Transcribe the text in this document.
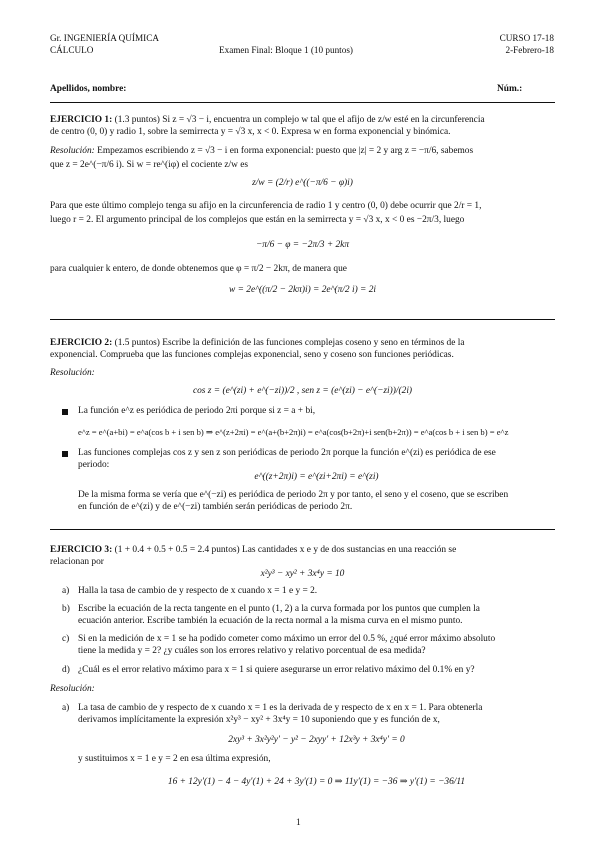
Gr. INGENIERÍA QUÍMICA
CÁLCULO	Examen Final: Bloque 1 (10 puntos)
CURSO 17-18
2-Febrero-18
Apellidos, nombre:	Núm.:
EJERCICIO 1: (1.3 puntos) Si z = √3 − i, encuentra un complejo w tal que el afijo de z/w esté en la circunferencia
de centro (0, 0) y radio 1, sobre la semirrecta y = √3 x, x < 0. Expresa w en forma exponencial y binómica.
Resolución: Empezamos escribiendo z = √3 − i en forma exponencial: puesto que |z| = 2 y arg z = −π/6, sabemos
que z = 2e^(−π/6 i). Si w = re^(iφ) el cociente z/w es
z/w = (2/r) e^((−π/6 − φ)i)
Para que este último complejo tenga su afijo en la circunferencia de radio 1 y centro (0, 0) debe ocurrir que 2/r = 1,
luego r = 2. El argumento principal de los complejos que están en la semirrecta y = √3 x, x < 0 es −2π/3, luego
−π/6 − φ = −2π/3 + 2kπ
para cualquier k entero, de donde obtenemos que φ = π/2 − 2kπ, de manera que
w = 2e^((π/2 − 2kπ)i) = 2e^(π/2 i) = 2i
EJERCICIO 2: (1.5 puntos) Escribe la definición de las funciones complejas coseno y seno en términos de la
exponencial. Comprueba que las funciones complejas exponencial, seno y coseno son funciones periódicas.
Resolución:
cos z = (e^(zi) + e^(−zi))/2 , sen z = (e^(zi) − e^(−zi))/(2i)
La función e^z es periódica de periodo 2πi porque si z = a + bi,
e^z = e^(a+bi) = e^a(cos b + i sen b) ⇒ e^(z+2πi) = e^(a+(b+2π)i) = e^a(cos(b+2π)+i sen(b+2π)) = e^a(cos b + i sen b) = e^z
Las funciones complejas cos z y sen z son periódicas de periodo 2π porque la función e^(zi) es periódica de ese
periodo:
e^((z+2π)i) = e^(zi+2πi) = e^(zi)
De la misma forma se vería que e^(−zi) es periódica de periodo 2π y por tanto, el seno y el coseno, que se escriben
en función de e^(zi) y de e^(−zi) también serán periódicas de periodo 2π.
EJERCICIO 3: (1 + 0.4 + 0.5 + 0.5 = 2.4 puntos) Las cantidades x e y de dos sustancias en una reacción se
relacionan por
x²y³ − xy² + 3x⁴y = 10
a) Halla la tasa de cambio de y respecto de x cuando x = 1 e y = 2.
b) Escribe la ecuación de la recta tangente en el punto (1, 2) a la curva formada por los puntos que cumplen la
ecuación anterior. Escribe también la ecuación de la recta normal a la misma curva en el mismo punto.
c) Si en la medición de x = 1 se ha podido cometer como máximo un error del 0.5 %, ¿qué error máximo absoluto
tiene la medida y = 2? ¿y cuáles son los errores relativo y relativo porcentual de esa medida?
d) ¿Cuál es el error relativo máximo para x = 1 si quiere asegurarse un error relativo máximo del 0.1% en y?
Resolución:
a) La tasa de cambio de y respecto de x cuando x = 1 es la derivada de y respecto de x en x = 1. Para obtenerla
derivamos implícitamente la expresión x²y³ − xy² + 3x⁴y = 10 suponiendo que y es función de x,
2xy³ + 3x²y²y′ − y² − 2xyy′ + 12x³y + 3x⁴y′ = 0
y sustituimos x = 1 e y = 2 en esa última expresión,
16 + 12y′(1) − 4 − 4y′(1) + 24 + 3y′(1) = 0 ⇒ 11y′(1) = −36 ⇒ y′(1) = −36/11
1
